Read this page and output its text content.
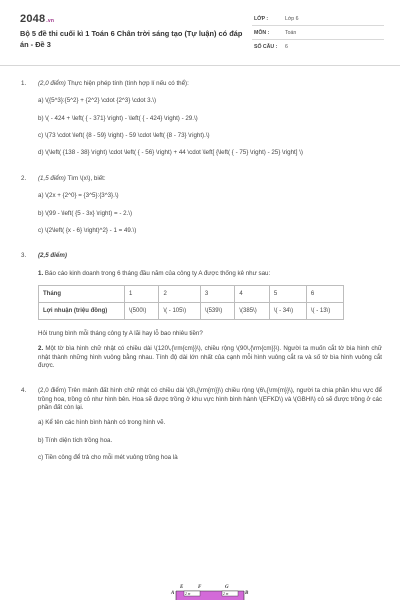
2048.vn
Bộ 5 đề thi cuối kì 1 Toán 6 Chân trời sáng tạo (Tự luận) có đáp án - Đề 3
LỚP :	Lớp 6
MÔN :	Toán
SỐ CÂU : 6
1. (2,0 điểm) Thực hiện phép tính (tính hợp lí nếu có thể):
a) \({5^3}:{5^2} + {2^2} \cdot {2^3} \cdot 3.\)
b) \( - 424 + \left( { - 371} \right) - \left( { - 424} \right) - 29.\)
c) \(73 \cdot \left( {8 - 59} \right) - 59 \cdot \left( {8 - 73} \right).\)
d) \(\left( {138 - 38} \right) \cdot \left( { - 56} \right) + 44 \cdot \left[ {\left( { - 75} \right) - 25} \right] \)
2. (1,5 điểm) Tìm \(x\), biết:
a) \(2x + {2^0} = {3^5}:{3^3}.\)
b) \(99 - \left( {5 - 3x} \right) = - 2.\)
c) \(2\left( {x - 6} \right)^2} - 1 = 49.\)
3. (2,5 điểm)
1. Báo cáo kinh doanh trong 6 tháng đầu năm của công ty A được thống kê như sau:
Tháng	1	2	3	4	5	6
Lợi nhuận (triệu đồng)	\(500\)	\( - 105\)	\(539\)	\(385\)	\( - 34\)	\( - 13\)
Hỏi trung bình mỗi tháng công ty A lãi hay lỗ bao nhiêu tiền?
2. Một tờ bìa hình chữ nhật có chiều dài \(120\,{\rm{cm}}\), chiều rộng \(90\,{\rm{cm}}\). Người ta muốn cắt tờ bìa hình chữ nhật thành những hình vuông bằng nhau. Tính độ dài lớn nhất của cạnh mỗi hình vuông cắt ra và số tờ bìa hình vuông cắt được.
4. (2,0 điểm) Trên mảnh đất hình chữ nhật có chiều dài \(8\,{\rm{m}}\) chiều rộng \(6\,{\rm{m}}\), người ta chia phần khu vực để trồng hoa, trồng cỏ như hình bên. Hoa sẽ được trồng ở khu vực hình bình hành \(EFKD\) và \(GBHI\) cỏ sẽ được trồng ở các phần đất còn lại.
a) Kể tên các hình bình hành có trong hình vẽ.
b) Tính diện tích trồng hoa.
c) Tiền công để trả cho mỗi mét vuông trồng hoa là
2 m	2 m
A
E	F	G
B
